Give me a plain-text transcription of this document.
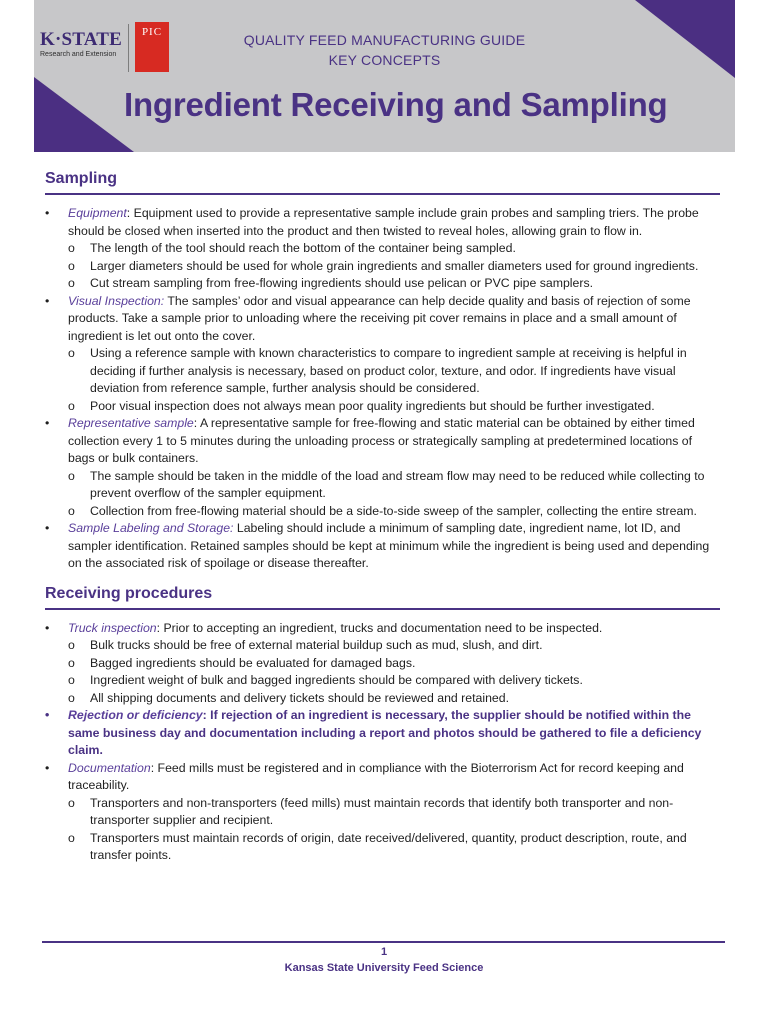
K·STATE
Research and Extension
PIC	QUALITY FEED MANUFACTURING GUIDE
KEY CONCEPTS
Ingredient Receiving and Sampling
Sampling
•	Equipment: Equipment used to provide a representative sample include grain probes and sampling triers. The probe should be closed when inserted into the product and then twisted to reveal holes, allowing grain to flow in.
o The length of the tool should reach the bottom of the container being sampled.
o Larger diameters should be used for whole grain ingredients and smaller diameters used for ground ingredients.
o Cut stream sampling from free-flowing ingredients should use pelican or PVC pipe samplers.
•	Visual Inspection: The samples’ odor and visual appearance can help decide quality and basis of rejection of some products. Take a sample prior to unloading where the receiving pit cover remains in place and a small amount of ingredient is let out onto the cover.
o Using a reference sample with known characteristics to compare to ingredient sample at receiving is helpful in deciding if further analysis is necessary, based on product color, texture, and odor. If ingredients have visual deviation from reference sample, further analysis should be considered.
o Poor visual inspection does not always mean poor quality ingredients but should be further investigated.
•	Representative sample: A representative sample for free-flowing and static material can be obtained by either timed collection every 1 to 5 minutes during the unloading process or strategically sampling at predetermined locations of bags or bulk containers.
o The sample should be taken in the middle of the load and stream flow may need to be reduced while collecting to prevent overflow of the sampler equipment.
o Collection from free-flowing material should be a side-to-side sweep of the sampler, collecting the entire stream.
•	Sample Labeling and Storage: Labeling should include a minimum of sampling date, ingredient name, lot ID, and sampler identification. Retained samples should be kept at minimum while the ingredient is being used and depending on the associated risk of spoilage or disease thereafter.
Receiving procedures
•	Truck inspection: Prior to accepting an ingredient, trucks and documentation need to be inspected.
o Bulk trucks should be free of external material buildup such as mud, slush, and dirt.
o Bagged ingredients should be evaluated for damaged bags.
o Ingredient weight of bulk and bagged ingredients should be compared with delivery tickets.
o All shipping documents and delivery tickets should be reviewed and retained.
•	Rejection or deficiency: If rejection of an ingredient is necessary, the supplier should be notified within the same business day and documentation including a report and photos should be gathered to file a deficiency claim.
•	Documentation: Feed mills must be registered and in compliance with the Bioterrorism Act for record keeping and traceability.
o Transporters and non-transporters (feed mills) must maintain records that identify both transporter and non-transporter supplier and recipient.
o Transporters must maintain records of origin, date received/delivered, quantity, product description, route, and transfer points.
1
Kansas State University Feed Science
